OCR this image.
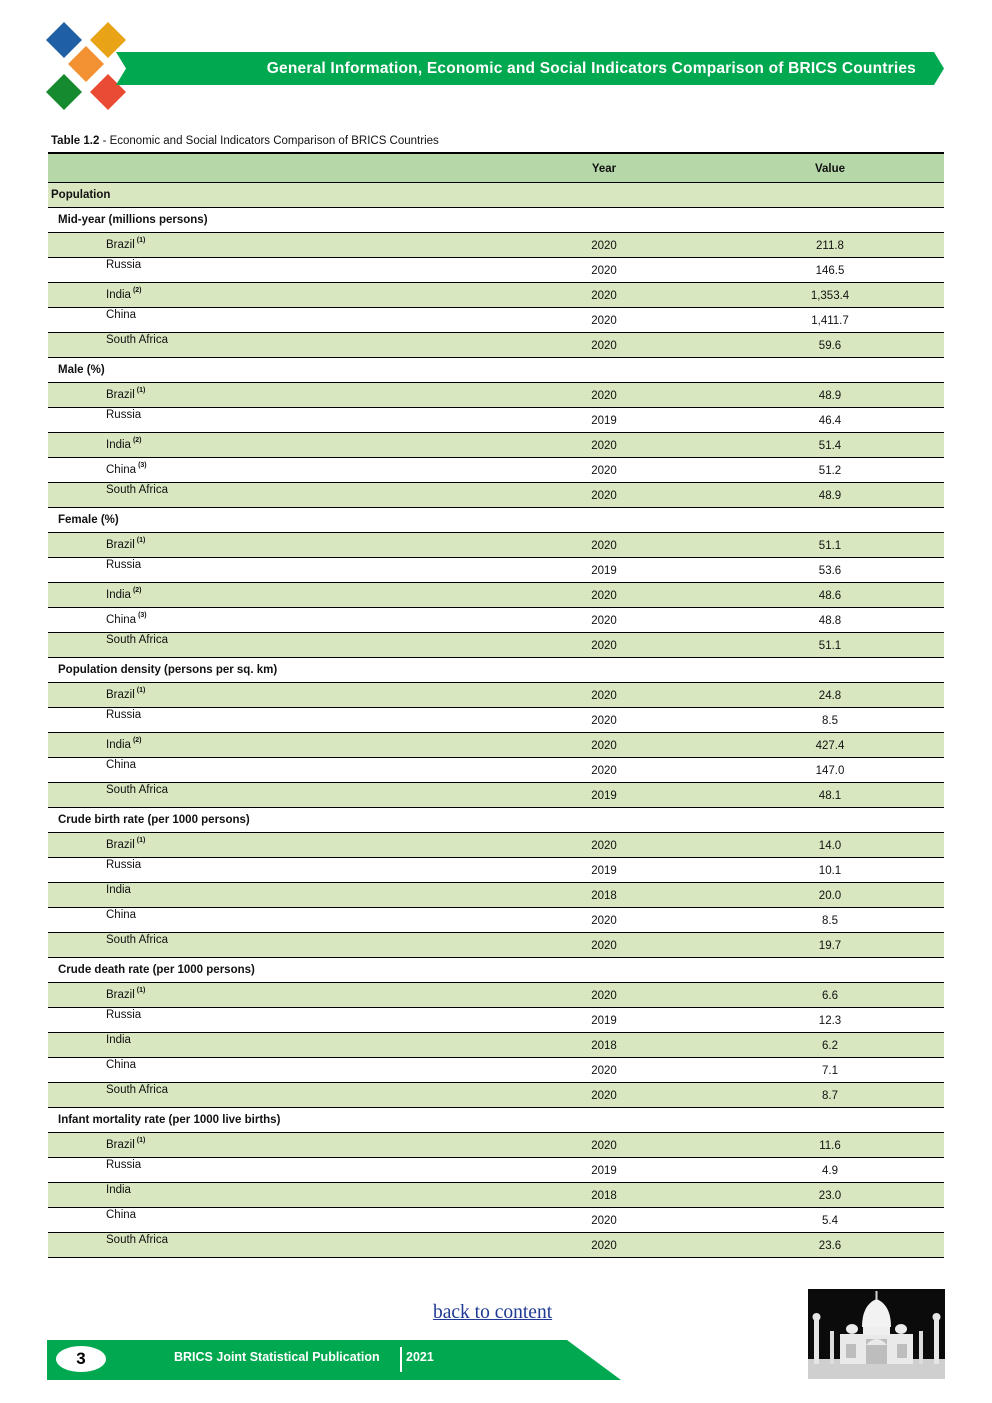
General Information, Economic and Social Indicators Comparison of BRICS Countries
Table 1.2 - Economic and Social Indicators Comparison of BRICS Countries
Year	Value
Population
Mid-year (millions persons)
Brazil $^{(1)}$	2020	211.8
Russia	2020	146.5
India $^{(2)}$	2020	1,353.4
China	2020	1,411.7
South Africa	2020	59.6
Male (%)
Brazil $^{(1)}$	2020	48.9
Russia	2019	46.4
India $^{(2)}$	2020	51.4
China $^{(3)}$	2020	51.2
South Africa	2020	48.9
Female (%)
Brazil $^{(1)}$	2020	51.1
Russia	2019	53.6
India $^{(2)}$	2020	48.6
China $^{(3)}$	2020	48.8
South Africa	2020	51.1
Population density (persons per sq. km)
Brazil $^{(1)}$	2020	24.8
Russia	2020	8.5
India $^{(2)}$	2020	427.4
China	2020	147.0
South Africa	2019	48.1
Crude birth rate (per 1000 persons)
Brazil $^{(1)}$	2020	14.0
Russia	2019	10.1
India	2018	20.0
China	2020	8.5
South Africa	2020	19.7
Crude death rate (per 1000 persons)
Brazil $^{(1)}$	2020	6.6
Russia	2019	12.3
India	2018	6.2
China	2020	7.1
South Africa	2020	8.7
Infant mortality rate (per 1000 live births)
Brazil $^{(1)}$	2020	11.6
Russia	2019	4.9
India	2018	23.0
China	2020	5.4
South Africa	2020	23.6
back to content
3	BRICS Joint Statistical Publication 2021
